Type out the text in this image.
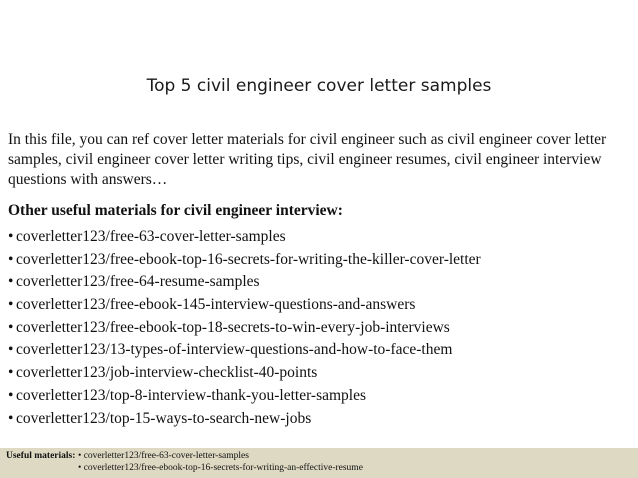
Top 5 civil engineer cover letter samples
In this file, you can ref cover letter materials for civil engineer such as civil engineer cover letter
samples, civil engineer cover letter writing tips, civil engineer resumes, civil engineer interview
questions with answers…
Other useful materials for civil engineer interview:
• coverletter123/free-63-cover-letter-samples
• coverletter123/free-ebook-top-16-secrets-for-writing-the-killer-cover-letter
• coverletter123/free-64-resume-samples
• coverletter123/free-ebook-145-interview-questions-and-answers
• coverletter123/free-ebook-top-18-secrets-to-win-every-job-interviews
• coverletter123/13-types-of-interview-questions-and-how-to-face-them
• coverletter123/job-interview-checklist-40-points
• coverletter123/top-8-interview-thank-you-letter-samples
• coverletter123/top-15-ways-to-search-new-jobs
Useful materials: • coverletter123/free-63-cover-letter-samples
• coverletter123/free-ebook-top-16-secrets-for-writing-an-effective-resume
